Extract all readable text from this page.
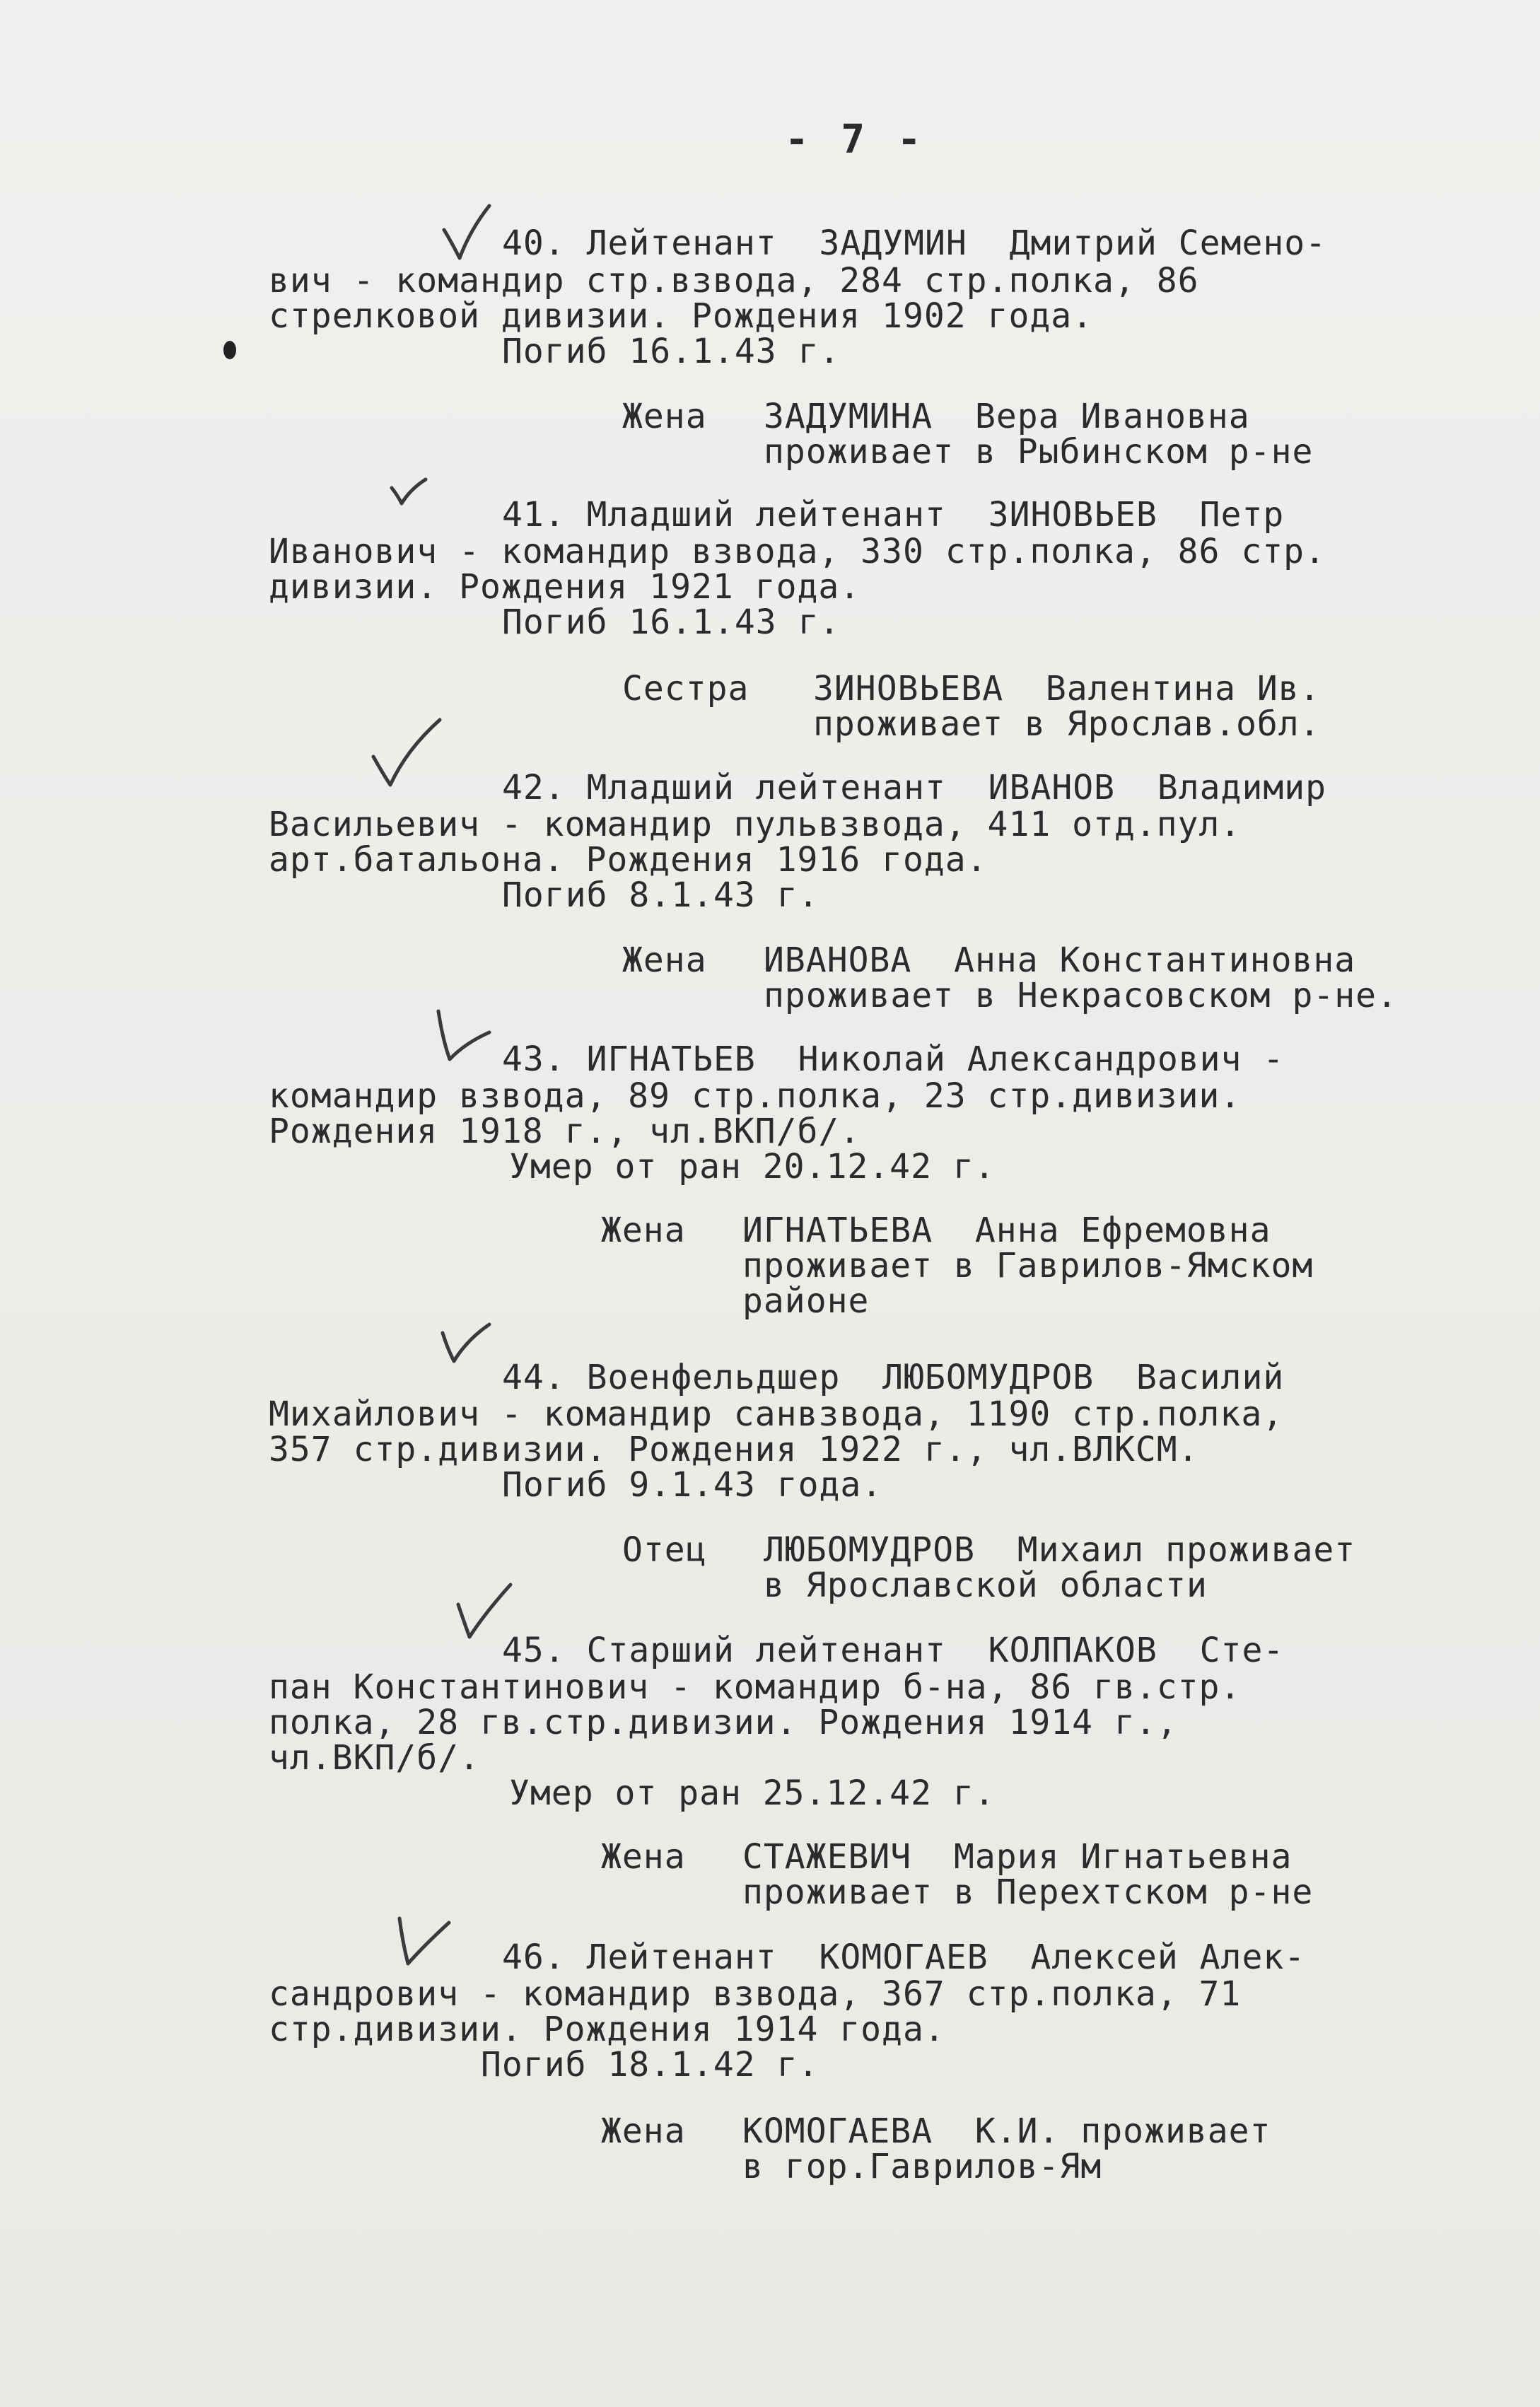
- 7 -
40. Лейтенант  ЗАДУМИН  Дмитрий Семено-
вич - командир стр.взвода, 284 стр.полка, 86
стрелковой дивизии. Рождения 1902 года.
Погиб 16.1.43 г.
Жена ЗАДУМИНА  Вера Ивановна
проживает в Рыбинском р-не
41. Младший лейтенант  ЗИНОВЬЕВ  Петр
Иванович - командир взвода, 330 стр.полка, 86 стр.
дивизии. Рождения 1921 года.
Погиб 16.1.43 г.
Сестра ЗИНОВЬЕВА  Валентина Ив.
проживает в Ярослав.обл.
42. Младший лейтенант  ИВАНОВ  Владимир
Васильевич - командир пульвзвода, 411 отд.пул.
арт.батальона. Рождения 1916 года.
Погиб 8.1.43 г.
Жена ИВАНОВА  Анна Константиновна
проживает в Некрасовском р-не.
43. ИГНАТЬЕВ  Николай Александрович -
командир взвода, 89 стр.полка, 23 стр.дивизии.
Рождения 1918 г., чл.ВКП/б/.
Умер от ран 20.12.42 г.
Жена ИГНАТЬЕВА  Анна Ефремовна
проживает в Гаврилов-Ямском
районе
44. Военфельдшер  ЛЮБОМУДРОВ  Василий
Михайлович - командир санвзвода, 1190 стр.полка,
357 стр.дивизии. Рождения 1922 г., чл.ВЛКСМ.
Погиб 9.1.43 года.
Отец ЛЮБОМУДРОВ  Михаил проживает
в Ярославской области
45. Старший лейтенант  КОЛПАКОВ  Сте-
пан Константинович - командир б-на, 86 гв.стр.
полка, 28 гв.стр.дивизии. Рождения 1914 г.,
чл.ВКП/б/.
Умер от ран 25.12.42 г.
Жена СТАЖЕВИЧ  Мария Игнатьевна
проживает в Перехтском р-не
46. Лейтенант  КОМОГАЕВ  Алексей Алек-
сандрович - командир взвода, 367 стр.полка, 71
стр.дивизии. Рождения 1914 года.
Погиб 18.1.42 г.
Жена КОМОГАЕВА  К.И. проживает
в гор.Гаврилов-Ям
